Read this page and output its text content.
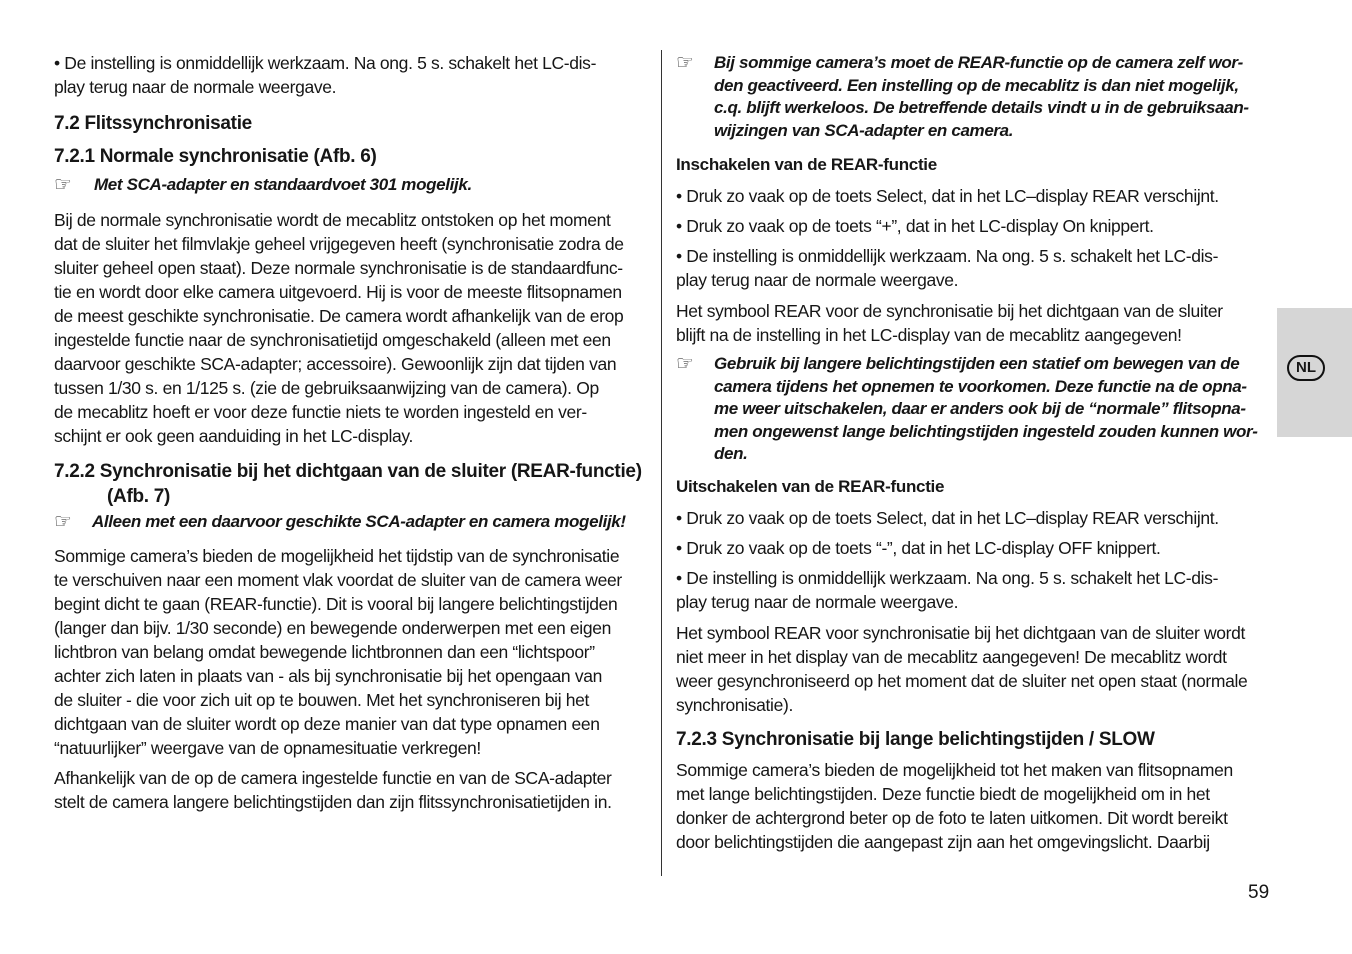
• De instelling is onmiddellijk werkzaam. Na ong. 5 s. schakelt het LC-dis-
play terug naar de normale weergave.
7.2 Flitssynchronisatie
7.2.1 Normale synchronisatie (Afb. 6)
☞	Met SCA-adapter en standaardvoet 301 mogelijk.
Bij de normale synchronisatie wordt de mecablitz ontstoken op het moment
dat de sluiter het filmvlakje geheel vrijgegeven heeft (synchronisatie zodra de
sluiter geheel open staat). Deze normale synchronisatie is de standaardfunc-
tie en wordt door elke camera uitgevoerd. Hij is voor de meeste flitsopnamen
de meest geschikte synchronisatie. De camera wordt afhankelijk van de erop
ingestelde functie naar de synchronisatietijd omgeschakeld (alleen met een
daarvoor geschikte SCA-adapter; accessoire). Gewoonlijk zijn dat tijden van
tussen 1/30 s. en 1/125 s. (zie de gebruiksaanwijzing van de camera). Op
de mecablitz hoeft er voor deze functie niets te worden ingesteld en ver-
schijnt er ook geen aanduiding in het LC-display.
7.2.2 Synchronisatie bij het dichtgaan van de sluiter (REAR-functie)
(Afb. 7)
☞	Alleen met een daarvoor geschikte SCA-adapter en camera mogelijk!
Sommige camera’s bieden de mogelijkheid het tijdstip van de synchronisatie
te verschuiven naar een moment vlak voordat de sluiter van de camera weer
begint dicht te gaan (REAR-functie). Dit is vooral bij langere belichtingstijden
(langer dan bijv. 1/30 seconde) en bewegende onderwerpen met een eigen
lichtbron van belang omdat bewegende lichtbronnen dan een “lichtspoor”
achter zich laten in plaats van - als bij synchronisatie bij het opengaan van
de sluiter - die voor zich uit op te bouwen. Met het synchroniseren bij het
dichtgaan van de sluiter wordt op deze manier van dat type opnamen een
“natuurlijker” weergave van de opnamesituatie verkregen!
Afhankelijk van de op de camera ingestelde functie en van de SCA-adapter
stelt de camera langere belichtingstijden dan zijn flitssynchronisatietijden in.
☞	Bij sommige camera’s moet de REAR-functie op de camera zelf wor-
den geactiveerd. Een instelling op de mecablitz is dan niet mogelijk,
c.q. blijft werkeloos. De betreffende details vindt u in de gebruiksaan-
wijzingen van SCA-adapter en camera.
Inschakelen van de REAR-functie
• Druk zo vaak op de toets Select, dat in het LC–display REAR verschijnt.
• Druk zo vaak op de toets “+”, dat in het LC-display On knippert.
• De instelling is onmiddellijk werkzaam. Na ong. 5 s. schakelt het LC-dis-
play terug naar de normale weergave.
Het symbool REAR voor de synchronisatie bij het dichtgaan van de sluiter
blijft na de instelling in het LC-display van de mecablitz aangegeven!
☞	Gebruik bij langere belichtingstijden een statief om bewegen van de
camera tijdens het opnemen te voorkomen. Deze functie na de opna-
me weer uitschakelen, daar er anders ook bij de “normale” flitsopna-
men ongewenst lange belichtingstijden ingesteld zouden kunnen wor-
den.
Uitschakelen van de REAR-functie
• Druk zo vaak op de toets Select, dat in het LC–display REAR verschijnt.
• Druk zo vaak op de toets “-”, dat in het LC-display OFF knippert.
• De instelling is onmiddellijk werkzaam. Na ong. 5 s. schakelt het LC-dis-
play terug naar de normale weergave.
Het symbool REAR voor synchronisatie bij het dichtgaan van de sluiter wordt
niet meer in het display van de mecablitz aangegeven! De mecablitz wordt
weer gesynchroniseerd op het moment dat de sluiter net open staat (normale
synchronisatie).
7.2.3 Synchronisatie bij lange belichtingstijden / SLOW
Sommige camera’s bieden de mogelijkheid tot het maken van flitsopnamen
met lange belichtingstijden. Deze functie biedt de mogelijkheid om in het
donker de achtergrond beter op de foto te laten uitkomen. Dit wordt bereikt
door belichtingstijden die aangepast zijn aan het omgevingslicht. Daarbij
NL
59
